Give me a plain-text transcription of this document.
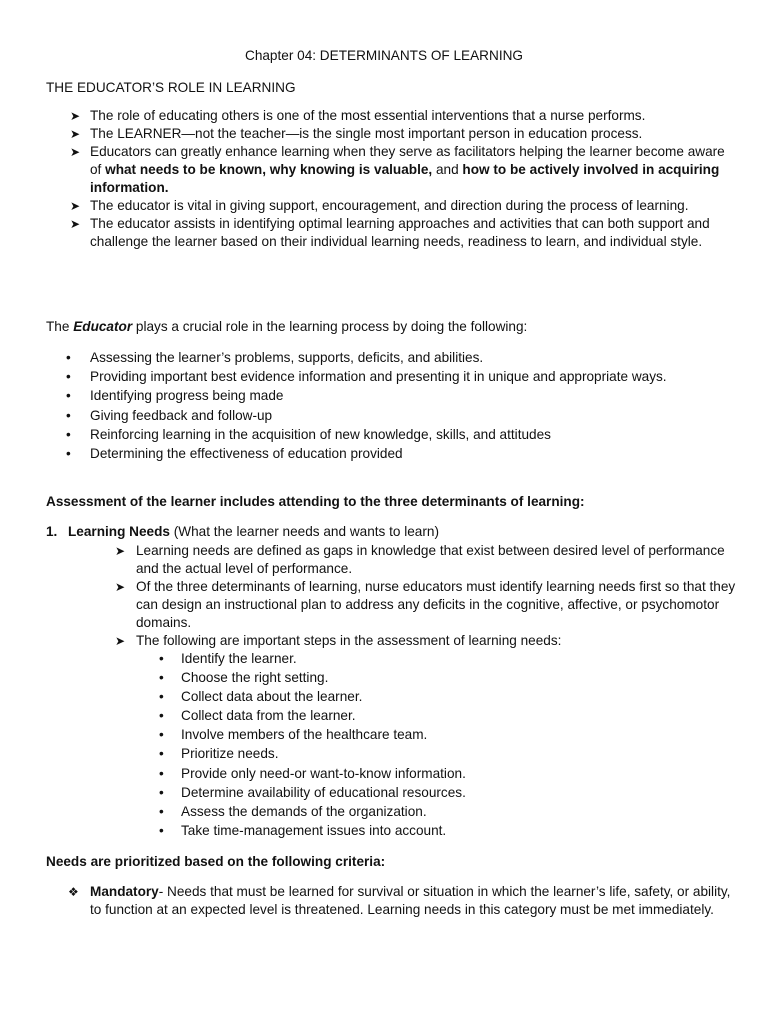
Chapter 04: DETERMINANTS OF LEARNING
THE EDUCATOR’S ROLE IN LEARNING
➤ The role of educating others is one of the most essential interventions that a nurse performs.
➤ The LEARNER—not the teacher—is the single most important person in education process.
➤ Educators can greatly enhance learning when they serve as facilitators helping the learner become aware of what needs to be known, why knowing is valuable, and how to be actively involved in acquiring information.
➤ The educator is vital in giving support, encouragement, and direction during the process of learning.
➤ The educator assists in identifying optimal learning approaches and activities that can both support and challenge the learner based on their individual learning needs, readiness to learn, and individual style.

The Educator plays a crucial role in the learning process by doing the following:

• Assessing the learner’s problems, supports, deficits, and abilities.
• Providing important best evidence information and presenting it in unique and appropriate ways.
• Identifying progress being made
• Giving feedback and follow-up
• Reinforcing learning in the acquisition of new knowledge, skills, and attitudes
• Determining the effectiveness of education provided

Assessment of the learner includes attending to the three determinants of learning:

1. Learning Needs (What the learner needs and wants to learn)
➤ Learning needs are defined as gaps in knowledge that exist between desired level of performance and the actual level of performance.
➤ Of the three determinants of learning, nurse educators must identify learning needs first so that they can design an instructional plan to address any deficits in the cognitive, affective, or psychomotor domains.
➤ The following are important steps in the assessment of learning needs:
• Identify the learner.
• Choose the right setting.
• Collect data about the learner.
• Collect data from the learner.
• Involve members of the healthcare team.
• Prioritize needs.
• Provide only need-or want-to-know information.
• Determine availability of educational resources.
• Assess the demands of the organization.
• Take time-management issues into account.

Needs are prioritized based on the following criteria:

❖ Mandatory- Needs that must be learned for survival or situation in which the learner’s life, safety, or ability, to function at an expected level is threatened. Learning needs in this category must be met immediately.
